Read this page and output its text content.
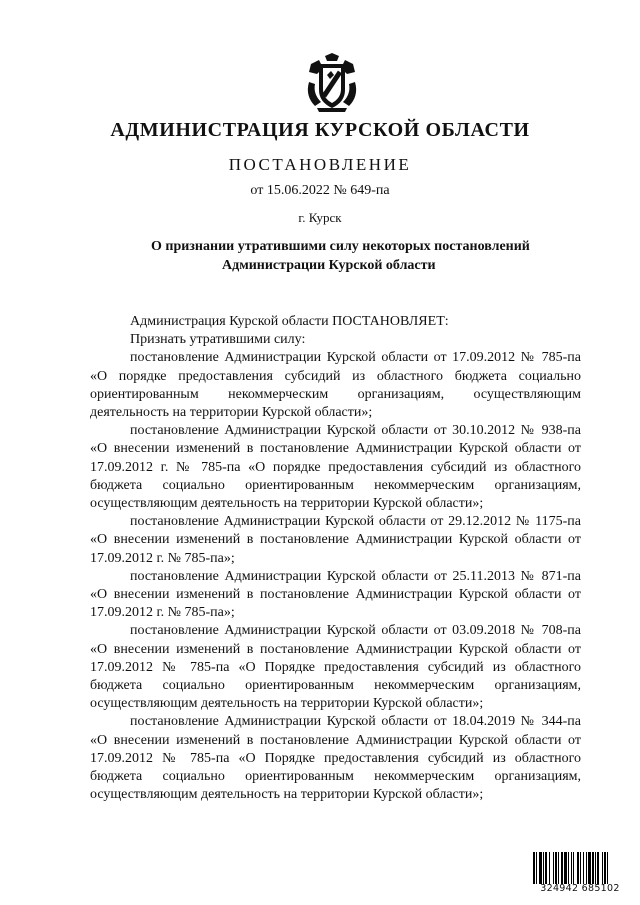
АДМИНИСТРАЦИЯ КУРСКОЙ ОБЛАСТИ
ПОСТАНОВЛЕНИЕ
от 15.06.2022 № 649-па
г. Курск
О признании утратившими силу некоторых постановлений
Администрации Курской области

Администрация Курской области ПОСТАНОВЛЯЕТ:

Признать утратившими силу:

постановление Администрации Курской области от 17.09.2012 № 785-па «О порядке предоставления субсидий из областного бюджета социально ориентированным некоммерческим организациям, осуществляющим деятельность на территории Курской области»;

постановление Администрации Курской области от 30.10.2012 № 938-па «О внесении изменений в постановление Администрации Курской области от 17.09.2012 г. № 785-па «О порядке предоставления субсидий из областного бюджета социально ориентированным некоммерческим организациям, осуществляющим деятельность на территории Курской области»;

постановление Администрации Курской области от 29.12.2012 № 1175-па «О внесении изменений в постановление Администрации Курской области от 17.09.2012 г. № 785-па»;

постановление Администрации Курской области от 25.11.2013 № 871-па «О внесении изменений в постановление Администрации Курской области от 17.09.2012 г. № 785-па»;

постановление Администрации Курской области от 03.09.2018 № 708-па «О внесении изменений в постановление Администрации Курской области от 17.09.2012 № 785-па «О Порядке предоставления субсидий из областного бюджета социально ориентированным некоммерческим организациям, осуществляющим деятельность на территории Курской области»;

постановление Администрации Курской области от 18.04.2019 № 344-па «О внесении изменений в постановление Администрации Курской области от 17.09.2012 № 785-па «О Порядке предоставления субсидий из областного бюджета социально ориентированным некоммерческим организациям, осуществляющим деятельность на территории Курской области»;

324942 685102
